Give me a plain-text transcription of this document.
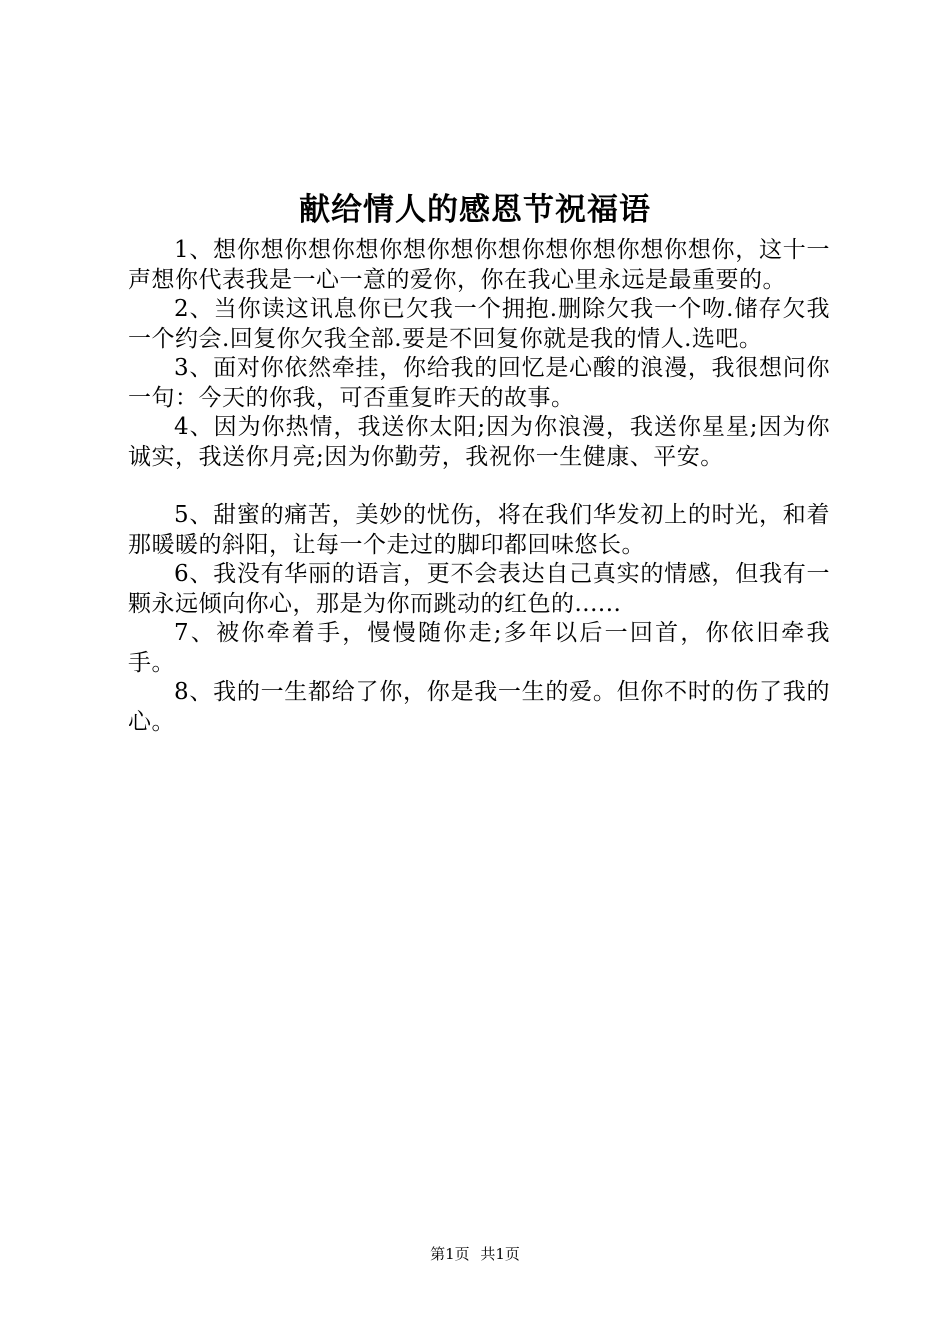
献给情人的感恩节祝福语

1、想你想你想你想你想你想你想你想你想你想你想你，这十一声想你代表我是一心一意的爱你，你在我心里永远是最重要的。

2、当你读这讯息你已欠我一个拥抱.删除欠我一个吻.储存欠我一个约会.回复你欠我全部.要是不回复你就是我的情人.选吧。

3、面对你依然牵挂，你给我的回忆是心酸的浪漫，我很想问你一句：今天的你我，可否重复昨天的故事。

4、因为你热情，我送你太阳;因为你浪漫，我送你星星;因为你诚实，我送你月亮;因为你勤劳，我祝你一生健康、平安。

5、甜蜜的痛苦，美妙的忧伤，将在我们华发初上的时光，和着那暖暖的斜阳，让每一个走过的脚印都回味悠长。

6、我没有华丽的语言，更不会表达自己真实的情感，但我有一颗永远倾向你心，那是为你而跳动的红色的......

7、被你牵着手，慢慢随你走;多年以后一回首，你依旧牵我手。

8、我的一生都给了你，你是我一生的爱。但你不时的伤了我的心。

第1页 共1页
